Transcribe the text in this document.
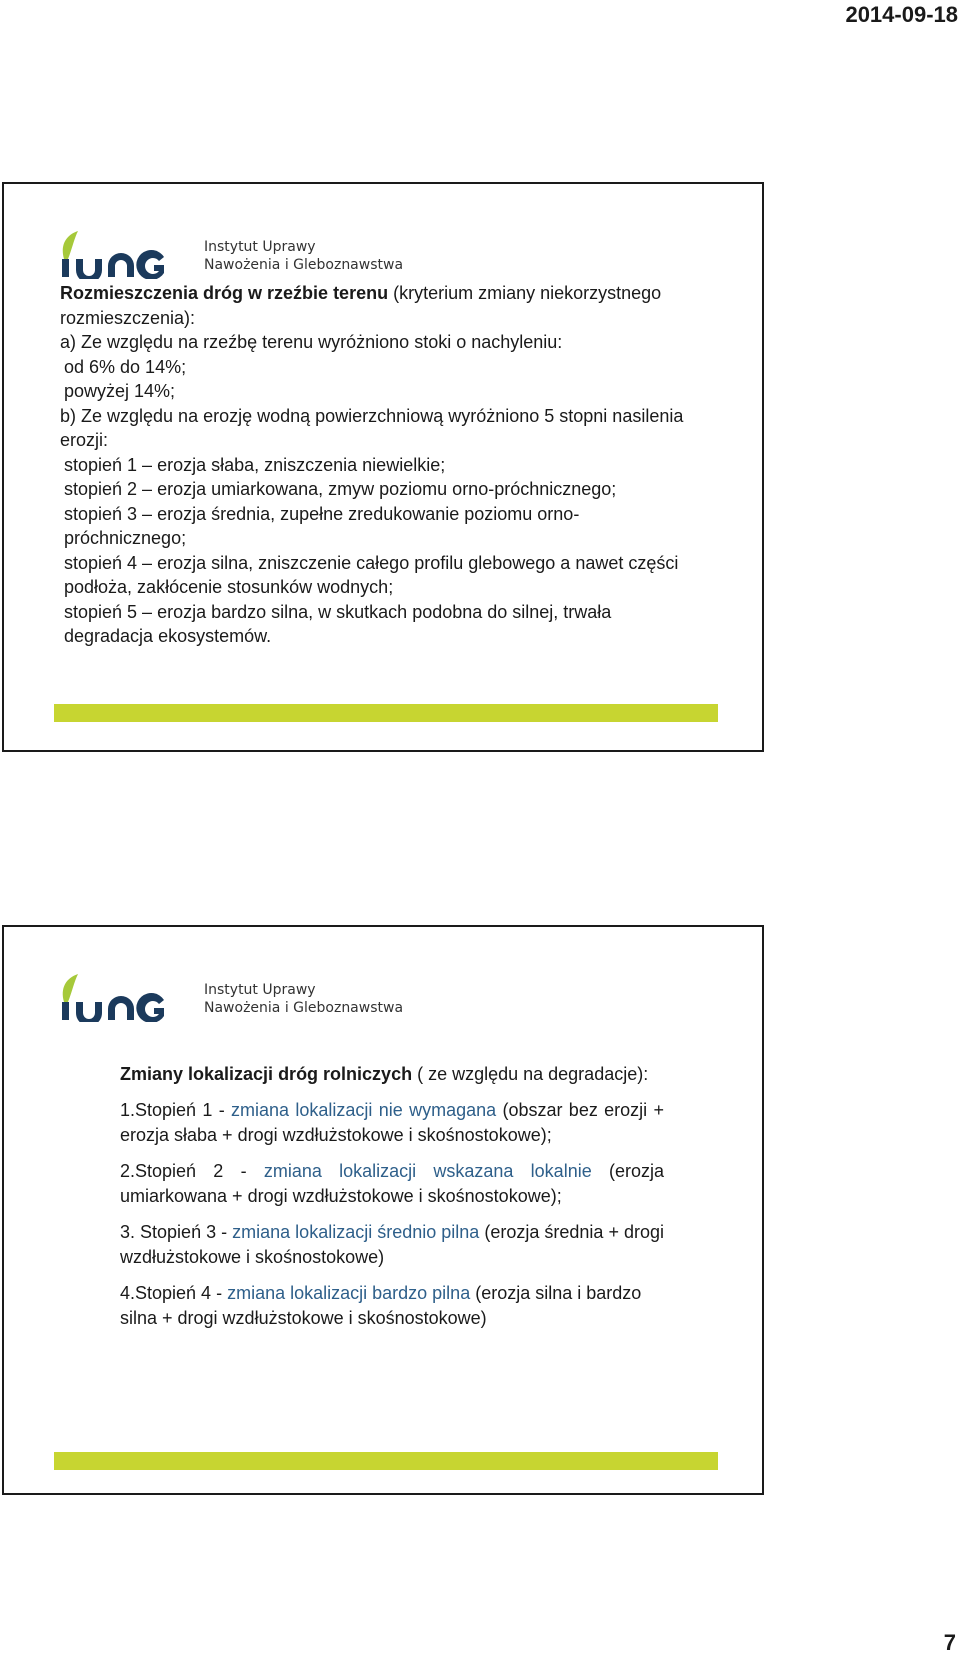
2014-09-18
Instytut Uprawy
Nawożenia i Gleboznawstwa

Rozmieszczenia dróg w rzeźbie terenu (kryterium zmiany niekorzystnego rozmieszczenia):

a) Ze względu na rzeźbę terenu wyróżniono stoki o nachyleniu:

od 6% do 14%;

powyżej 14%;

b) Ze względu na erozję wodną powierzchniową wyróżniono 5 stopni nasilenia erozji:

stopień 1 – erozja słaba, zniszczenia niewielkie;

stopień 2 – erozja umiarkowana, zmyw poziomu orno-próchnicznego;

stopień 3 – erozja średnia, zupełne zredukowanie poziomu orno-próchnicznego;

stopień 4 – erozja silna, zniszczenie całego profilu glebowego a nawet części podłoża, zakłócenie stosunków wodnych;

stopień 5 – erozja bardzo silna, w skutkach podobna do silnej, trwała degradacja ekosystemów.

Instytut Uprawy
Nawożenia i Gleboznawstwa

Zmiany lokalizacji dróg rolniczych ( ze względu na degradacje):

1.Stopień 1 - zmiana lokalizacji nie wymagana (obszar bez erozji + erozja słaba + drogi wzdłużstokowe i skośnostokowe);

2.Stopień 2 - zmiana lokalizacji wskazana lokalnie (erozja umiarkowana + drogi wzdłużstokowe i skośnostokowe);

3. Stopień 3 - zmiana lokalizacji średnio pilna (erozja średnia + drogi wzdłużstokowe i skośnostokowe)

4.Stopień 4 - zmiana lokalizacji bardzo pilna (erozja silna i bardzo silna + drogi wzdłużstokowe i skośnostokowe)

7
